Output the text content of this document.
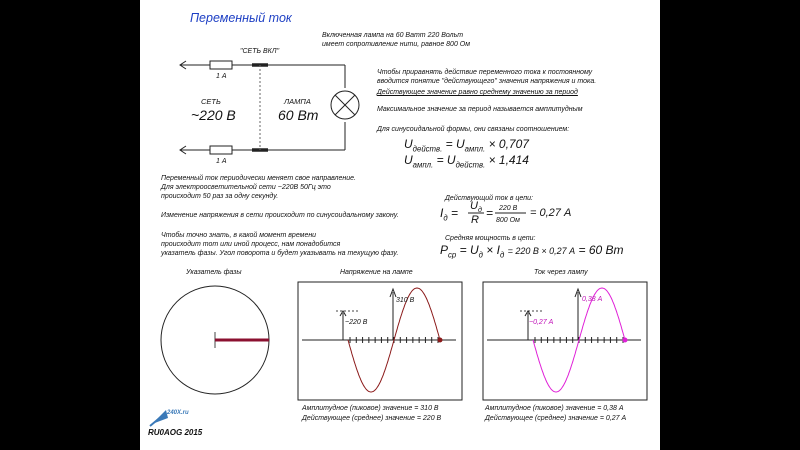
Переменный ток
Включенная лампа на 60 Ватт 220 Вольт
имеет сопротивление нити, равное 800 Ом
"СЕТЬ ВКЛ"
1 А
1 А
СЕТЬ
~220 В
ЛАМПА
60 Вт
Чтобы приравнять действие переменного тока к постоянному
вводится понятие "действующего" значения напряжения и тока.
Действующее значение равно среднему значению за период
Максимальное значение за период называется амплитудным
Для синусоидальной формы, они связаны соотношением:
$U_{действ.} = U_{ампл.} \times 0,707$
$U_{ампл.} = U_{действ.} \times 1,414$
Переменный ток периодически меняет свое направление.
Для электроосветительной сети ~220В 50Гц это
происходит 50 раз за одну секунду.
Изменение напряжения в сети происходит по синусоидальному закону.
Чтобы точно знать, в какой момент времени
происходит тот или иной процесс, нам понадобится
указатель фазы. Угол поворота и будет указывать на текущую фазу.
Действующий ток в цепи:
$I_д = U_д$
R = 220 В
800 Ом
= 0,27 А
Средняя мощность в цепи:
$P_{ср} = U_д \times I_д = 220$ В × 0,27 А = 60 Вт
Указатель фазы	Напряжение на лампе	Ток через лампу
310 В
~220 В
0,38 А
~0,27 А
Амплитудное (пиковое) значение = 310 В
Действующее (среднее) значение = 220 В
Амплитудное (пиковое) значение = 0,38 А
Действующее (среднее) значение = 0,27 А
240X.ru
RU0AOG 2015
